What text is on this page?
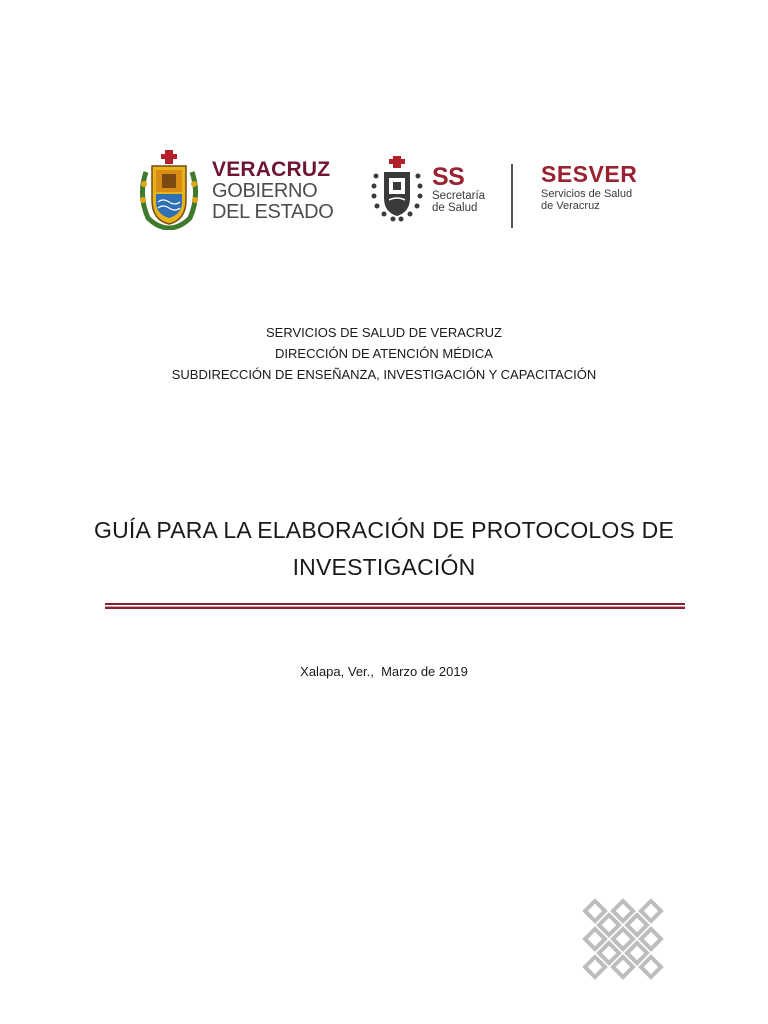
VERACRUZ
GOBIERNO
DEL ESTADO
SS
Secretaría
de Salud
SESVER
Servicios de Salud
de Veracruz
SERVICIOS DE SALUD DE VERACRUZ
DIRECCIÓN DE ATENCIÓN MÉDICA
SUBDIRECCIÓN DE ENSEÑANZA, INVESTIGACIÓN Y CAPACITACIÓN
GUÍA PARA LA ELABORACIÓN DE PROTOCOLOS DE
INVESTIGACIÓN
Xalapa, Ver.,  Marzo de 2019
